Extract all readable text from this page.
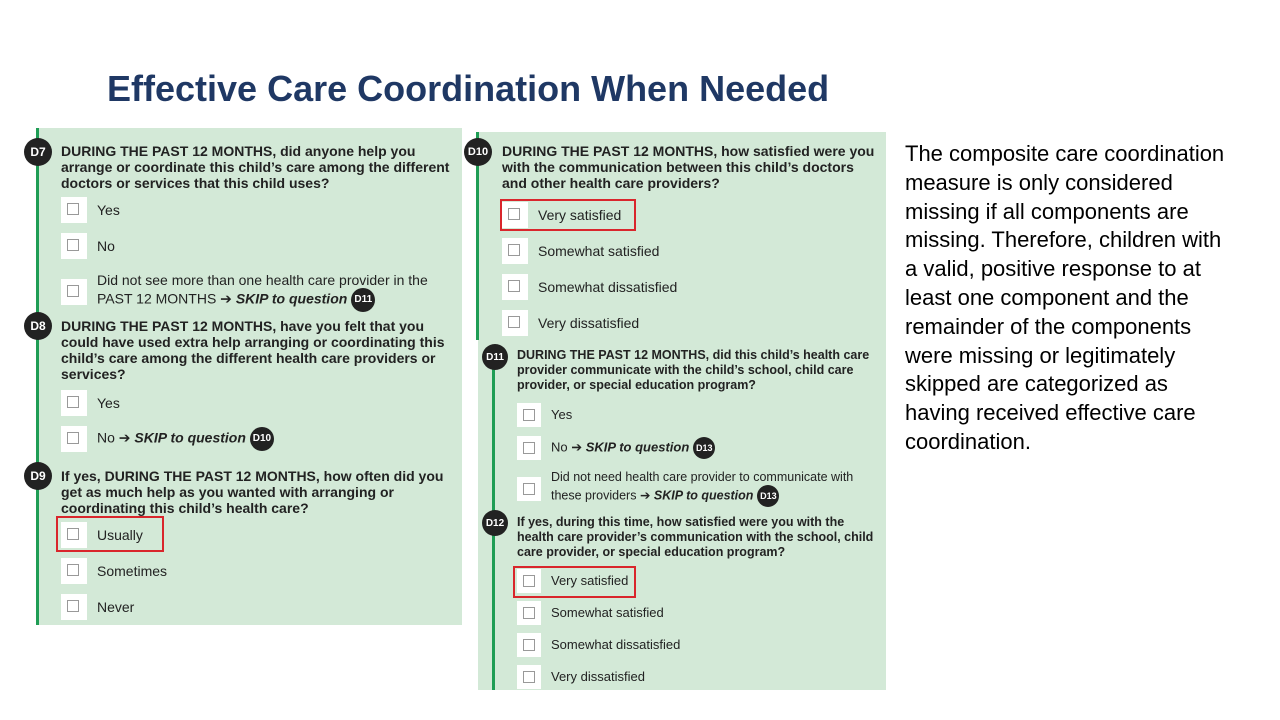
Effective Care Coordination When Needed
D7	DURING THE PAST 12 MONTHS, did anyone help you arrange or coordinate this child’s care among the different doctors or services that this child uses?
Yes
No
Did not see more than one health care provider in the PAST 12 MONTHS ➔ SKIP to question D11
D8	DURING THE PAST 12 MONTHS, have you felt that you could have used extra help arranging or coordinating this child’s care among the different health care providers or services?
Yes
No ➔ SKIP to question D10
D9	If yes, DURING THE PAST 12 MONTHS, how often did you get as much help as you wanted with arranging or coordinating this child’s health care?
Usually
Sometimes
Never
D10 DURING THE PAST 12 MONTHS, how satisfied were you with the communication between this child’s doctors and other health care providers?
Very satisfied
Somewhat satisfied
Somewhat dissatisfied
Very dissatisfied
D11	DURING THE PAST 12 MONTHS, did this child’s health care provider communicate with the child’s school, child care provider, or special education program?
Yes
No ➔ SKIP to question D13
Did not need health care provider to communicate with these providers ➔ SKIP to question D13
D12	If yes, during this time, how satisfied were you with the health care provider’s communication with the school, child care provider, or special education program?
Very satisfied
Somewhat satisfied
Somewhat dissatisfied
Very dissatisfied
The composite care coordination measure is only considered missing if all components are missing. Therefore, children with a valid, positive response to at least one component and the remainder of the components were missing or legitimately skipped are categorized as having received effective care coordination.
